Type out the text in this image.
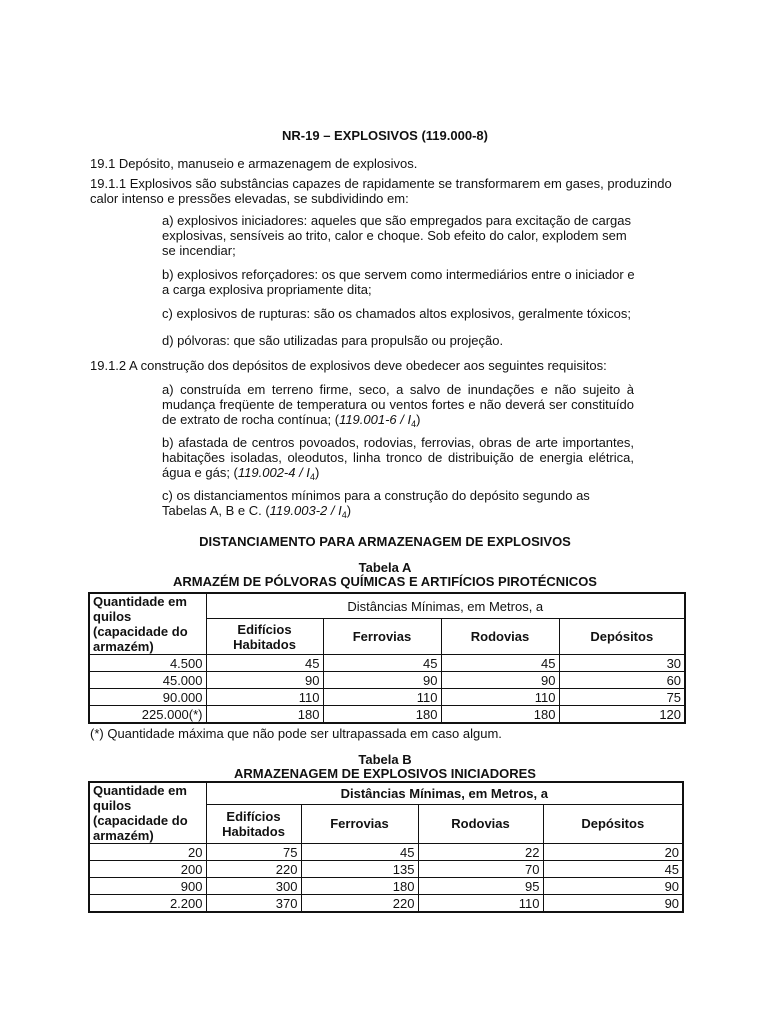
NR-19 – EXPLOSIVOS (119.000-8)
19.1 Depósito, manuseio e armazenagem de explosivos.
19.1.1 Explosivos são substâncias capazes de rapidamente se transformarem em gases, produzindo calor intenso e pressões elevadas, se subdividindo em:
a) explosivos iniciadores: aqueles que são empregados para excitação de cargas explosivas, sensíveis ao trito, calor e choque. Sob efeito do calor, explodem sem se incendiar;
b) explosivos reforçadores: os que servem como intermediários entre o iniciador e a carga explosiva propriamente dita;
c) explosivos de rupturas: são os chamados altos explosivos, geralmente tóxicos;
d) pólvoras: que são utilizadas para propulsão ou projeção.
19.1.2 A construção dos depósitos de explosivos deve obedecer aos seguintes requisitos:
a) construída em terreno firme, seco, a salvo de inundações e não sujeito à mudança freqüente de temperatura ou ventos fortes e não deverá ser constituído de extrato de rocha contínua; $(119.001-6 / I_4)$
b) afastada de centros povoados, rodovias, ferrovias, obras de arte importantes, habitações isoladas, oleodutos, linha tronco de distribuição de energia elétrica, água e gás; $(119.002-4 / I_4)$
c) os distanciamentos mínimos para a construção do depósito segundo as Tabelas A, B e C. $(119.003-2 / I_4)$
DISTANCIAMENTO PARA ARMAZENAGEM DE EXPLOSIVOS
Tabela A
ARMAZÉM DE PÓLVORAS QUÍMICAS E ARTIFÍCIOS PIROTÉCNICOS
Quantidade em quilos (capacidade do armazém)	Distâncias Mínimas, em Metros, a			
	Edifícios Habitados	Ferrovias	Rodovias	Depósitos
4.500	45	45	45	30
45.000	90	90	90	60
90.000	110	110	110	75
225.000(*)	180	180	180	120
(*) Quantidade máxima que não pode ser ultrapassada em caso algum.
Tabela B
ARMAZENAGEM DE EXPLOSIVOS INICIADORES
Quantidade em quilos (capacidade do armazém)	Distâncias Mínimas, em Metros, a			
	Edifícios Habitados	Ferrovias	Rodovias	Depósitos
20	75	45	22	20
200	220	135	70	45
900	300	180	95	90
2.200	370	220	110	90
